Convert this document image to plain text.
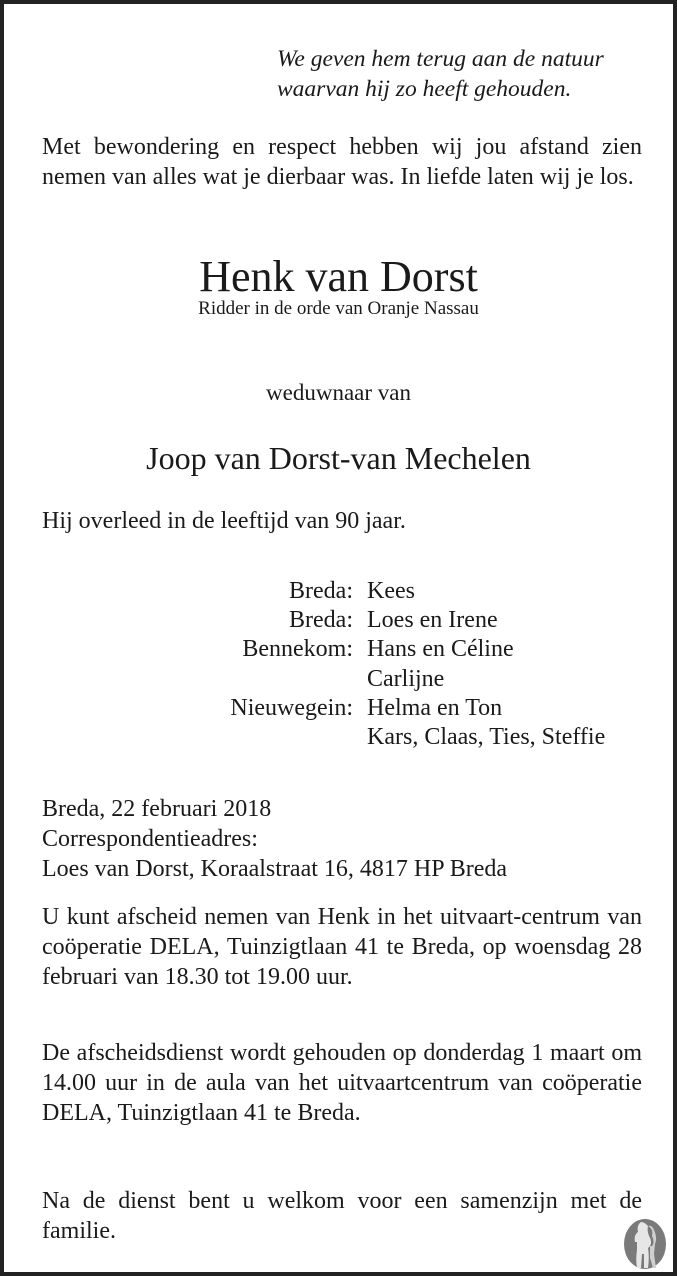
We geven hem terug aan de natuur
waarvan hij zo heeft gehouden.
Met bewondering en respect hebben wij jou afstand zien nemen van alles wat je dierbaar was. In liefde laten wij je los.
Henk van Dorst
Ridder in de orde van Oranje Nassau
weduwnaar van
Joop van Dorst-van Mechelen
Hij overleed in de leeftijd van 90 jaar.
Breda: Kees
Breda: Loes en Irene
Bennekom: Hans en Céline
Carlijne
Nieuwegein: Helma en Ton
Kars, Claas, Ties, Steffie
Breda, 22 februari 2018
Correspondentieadres:
Loes van Dorst, Koraalstraat 16, 4817 HP Breda
U kunt afscheid nemen van Henk in het uitvaart-centrum van coöperatie DELA, Tuinzigtlaan 41 te Breda, op woensdag 28 februari van 18.30 tot 19.00 uur.
De afscheidsdienst wordt gehouden op donderdag 1 maart om 14.00 uur in de aula van het uitvaartcentrum van coöperatie DELA, Tuinzigtlaan 41 te Breda.
Na de dienst bent u welkom voor een samenzijn met de familie.
